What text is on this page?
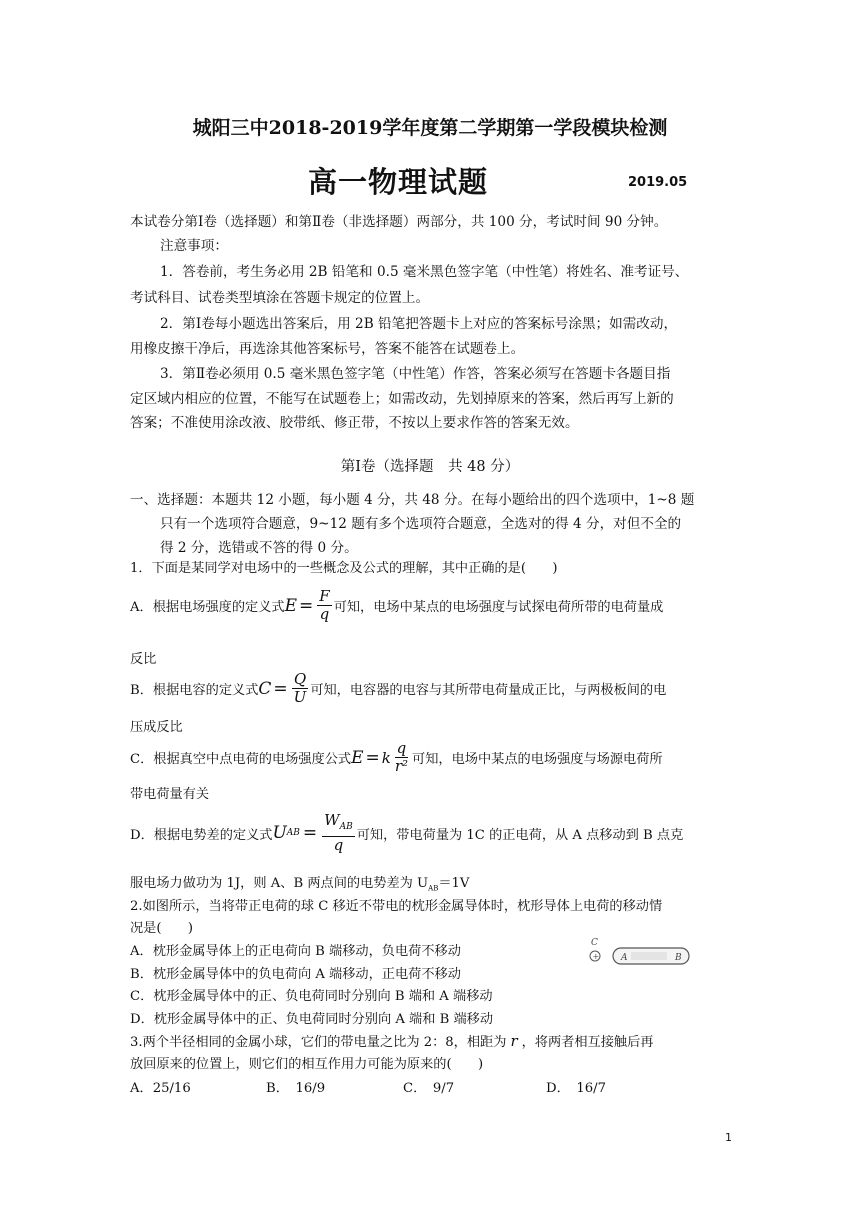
城阳三中2018-2019学年度第二学期第一学段模块检测
高一物理试题	2019.05
本试卷分第Ⅰ卷（选择题）和第Ⅱ卷（非选择题）两部分，共 100 分，考试时间 90 分钟。
注意事项：
1．答卷前，考生务必用 2B 铅笔和 0.5 毫米黑色签字笔（中性笔）将姓名、准考证号、
考试科目、试卷类型填涂在答题卡规定的位置上。
2．第Ⅰ卷每小题选出答案后，用 2B 铅笔把答题卡上对应的答案标号涂黑；如需改动，
用橡皮擦干净后，再选涂其他答案标号，答案不能答在试题卷上。
3．第Ⅱ卷必须用 0.5 毫米黑色签字笔（中性笔）作答，答案必须写在答题卡各题目指
定区域内相应的位置，不能写在试题卷上；如需改动，先划掉原来的答案，然后再写上新的
答案；不准使用涂改液、胶带纸、修正带，不按以上要求作答的答案无效。
第Ⅰ卷（选择题　共 48 分）
一、选择题：本题共 12 小题，每小题 4 分，共 48 分。在每小题给出的四个选项中，1~8 题
只有一个选项符合题意，9~12 题有多个选项符合题意，全选对的得 4 分，对但不全的
得 2 分，选错或不答的得 0 分。
1．下面是某同学对电场中的一些概念及公式的理解，其中正确的是(　　)
A．根据电场强度的定义式 $E = \frac{F}{q}$ 可知，电场中某点的电场强度与试探电荷所带的电荷量成
反比
B．根据电容的定义式 $C = \frac{Q}{U}$ 可知，电容器的电容与其所带电荷量成正比，与两极板间的电
压成反比
C．根据真空中点电荷的电场强度公式 E = k $\frac{q}{\text{r²}}$ 可知，电场中某点的电场强度与场源电荷所
带电荷量有关
D．根据电势差的定义式 U AB = $\frac{W_{AB}}{q}$ 可知，带电荷量为 1C 的正电荷，从 A 点移动到 B 点克
服电场力做功为 1J，则 A、B 两点间的电势差为 $U_{AB}=1V$
2.如图所示，当将带正电荷的球 C 移近不带电的枕形金属导体时，枕形导体上电荷的移动情
况是(　　)
A．枕形金属导体上的正电荷向 B 端移动，负电荷不移动
B．枕形金属导体中的负电荷向 A 端移动，正电荷不移动
C．枕形金属导体中的正、负电荷同时分别向 B 端和 A 端移动
D．枕形金属导体中的正、负电荷同时分别向 A 端和 B 端移动
C
+ A	B
3.两个半径相同的金属小球，它们的带电量之比为 2：8，相距为 r ，将两者相互接触后再
放回原来的位置上，则它们的相互作用力可能为原来的(　　)
A．25/16	B．　16/9	C．　9/7	D．　16/7
1
